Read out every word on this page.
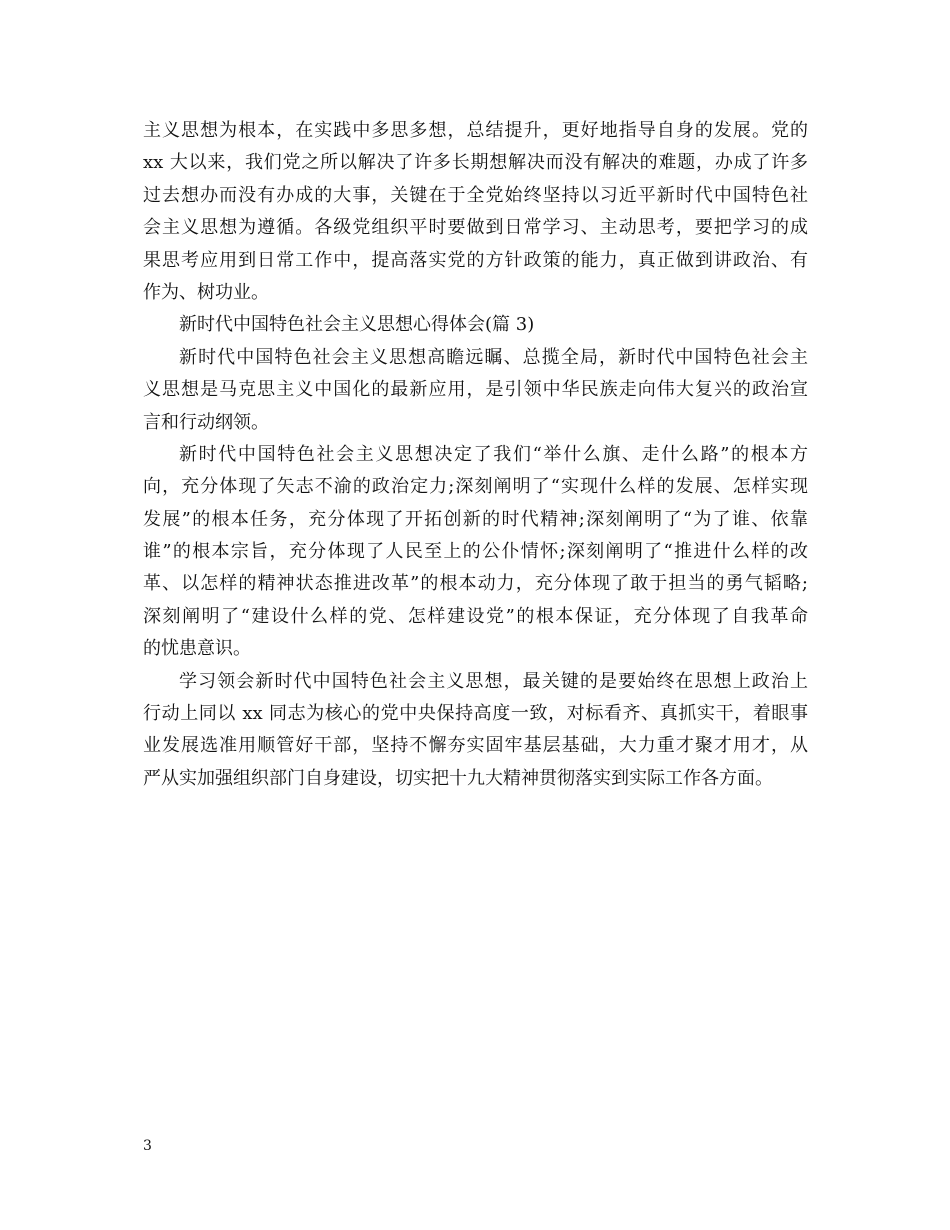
主义思想为根本，在实践中多思多想，总结提升，更好地指导自身的发展。党的
xx 大以来，我们党之所以解决了许多长期想解决而没有解决的难题，办成了许多
过去想办而没有办成的大事，关键在于全党始终坚持以习近平新时代中国特色社
会主义思想为遵循。各级党组织平时要做到日常学习、主动思考，要把学习的成
果思考应用到日常工作中，提高落实党的方针政策的能力，真正做到讲政治、有
作为、树功业。
新时代中国特色社会主义思想心得体会(篇 3)
新时代中国特色社会主义思想高瞻远瞩、总揽全局，新时代中国特色社会主
义思想是马克思主义中国化的最新应用，是引领中华民族走向伟大复兴的政治宣
言和行动纲领。
新时代中国特色社会主义思想决定了我们“举什么旗、走什么路”的根本方
向，充分体现了矢志不渝的政治定力;深刻阐明了“实现什么样的发展、怎样实现
发展”的根本任务，充分体现了开拓创新的时代精神;深刻阐明了“为了谁、依靠
谁”的根本宗旨，充分体现了人民至上的公仆情怀;深刻阐明了“推进什么样的改
革、以怎样的精神状态推进改革”的根本动力，充分体现了敢于担当的勇气韬略;
深刻阐明了“建设什么样的党、怎样建设党”的根本保证，充分体现了自我革命
的忧患意识。
学习领会新时代中国特色社会主义思想，最关键的是要始终在思想上政治上
行动上同以 xx 同志为核心的党中央保持高度一致，对标看齐、真抓实干，着眼事
业发展选准用顺管好干部，坚持不懈夯实固牢基层基础，大力重才聚才用才，从
严从实加强组织部门自身建设，切实把十九大精神贯彻落实到实际工作各方面。
3
